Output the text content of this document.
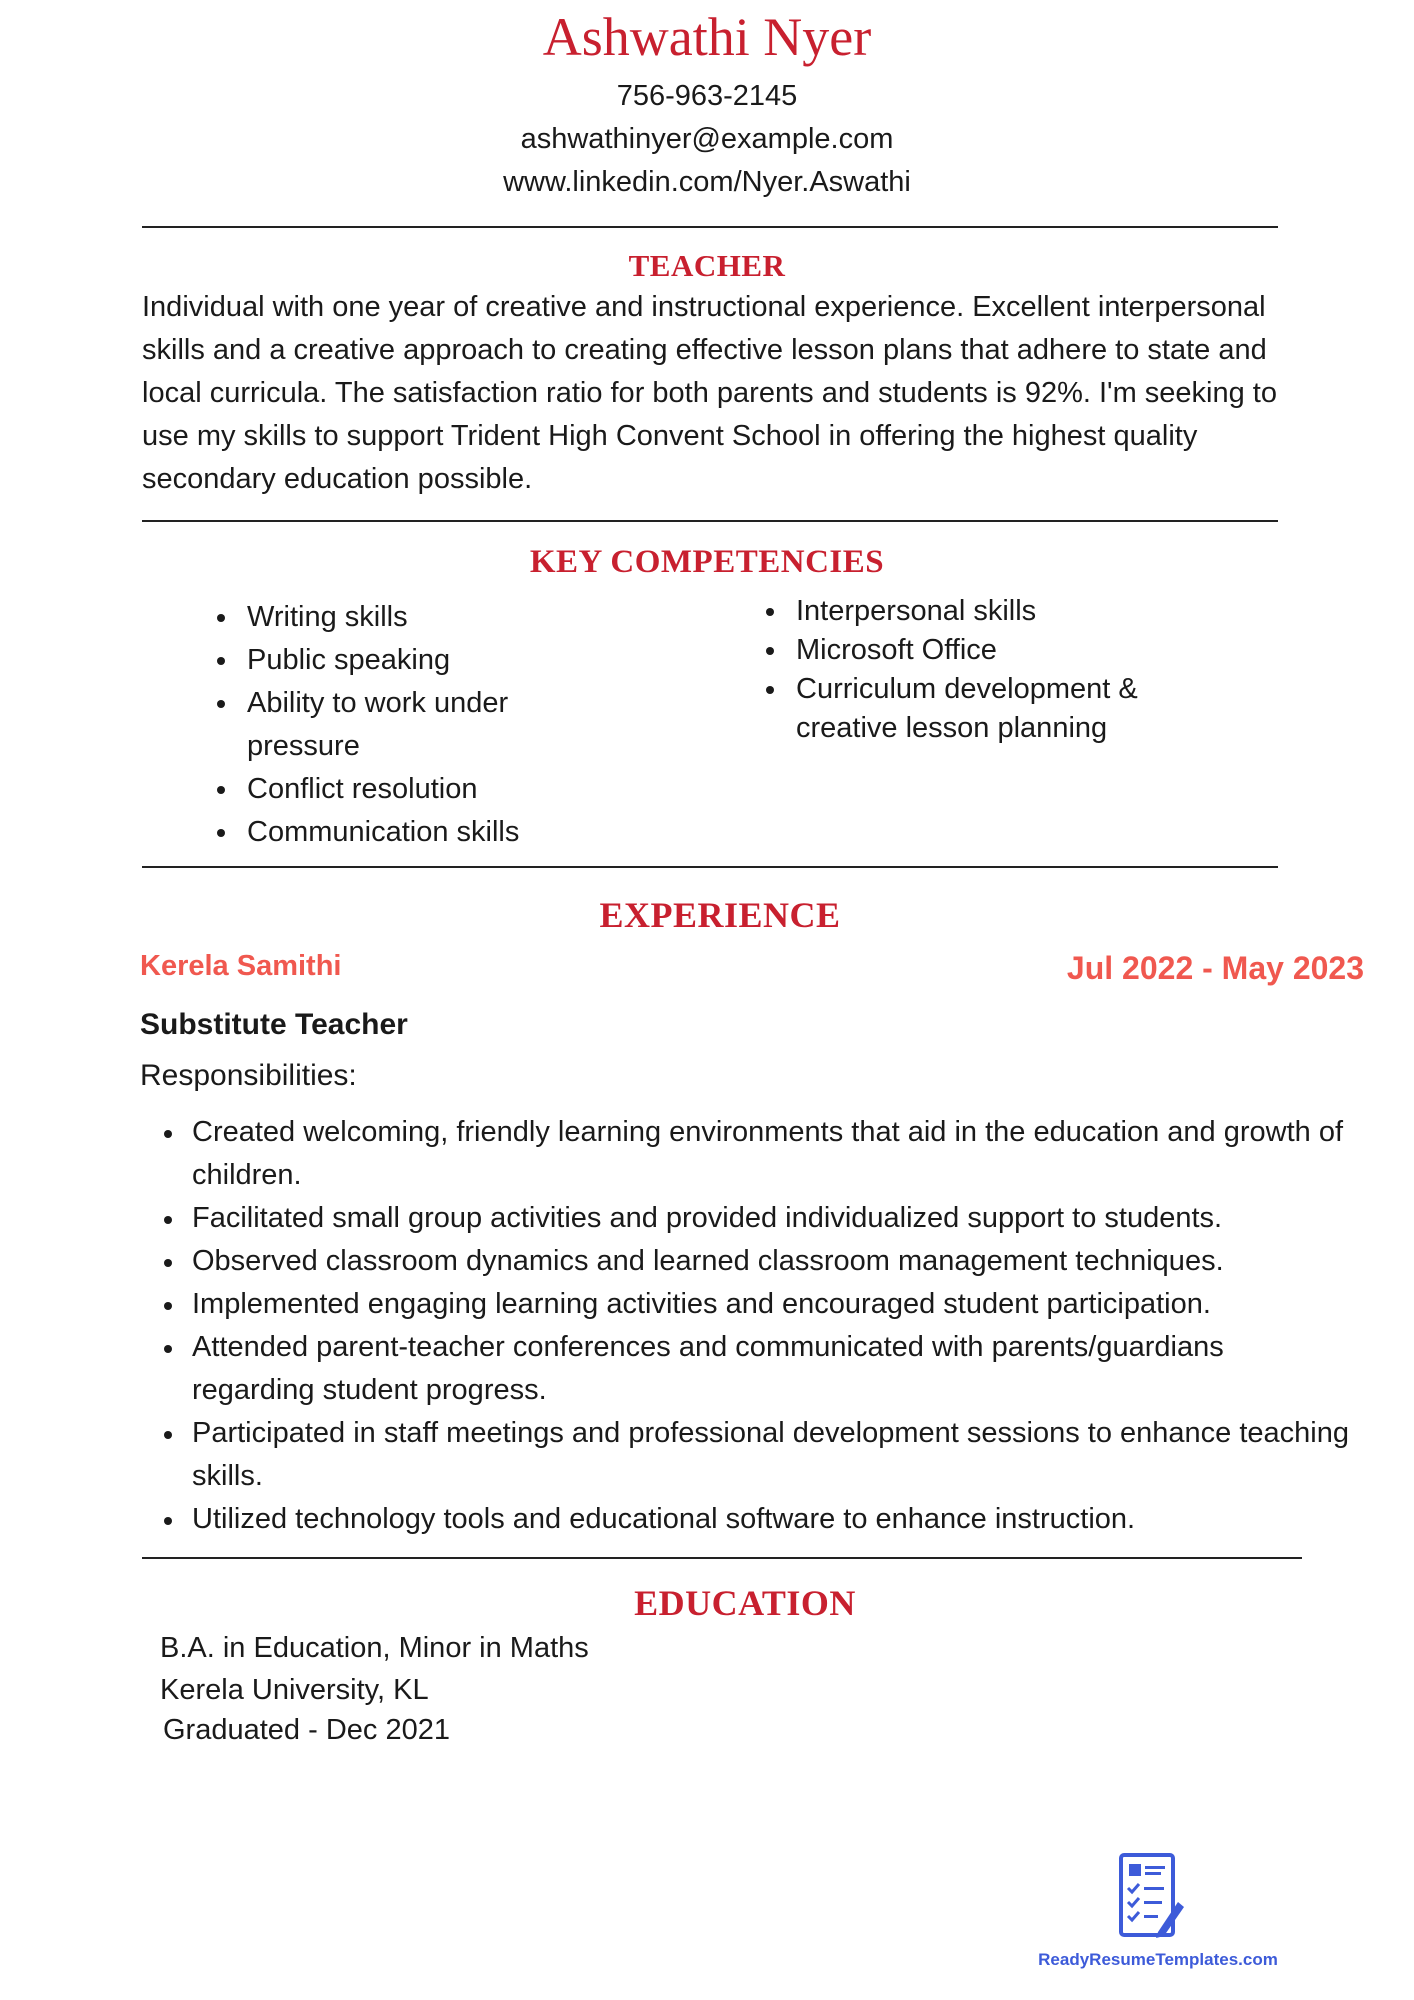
Ashwathi Nyer
756-963-2145
ashwathinyer@example.com
www.linkedin.com/Nyer.Aswathi
TEACHER
Individual with one year of creative and instructional experience. Excellent interpersonal skills and a creative approach to creating effective lesson plans that adhere to state and local curricula. The satisfaction ratio for both parents and students is 92%. I'm seeking to use my skills to support Trident High Convent School in offering the highest quality secondary education possible.
KEY COMPETENCIES
Writing skills
Public speaking
Ability to work under pressure
Conflict resolution
Communication skills
Interpersonal skills
Microsoft Office
Curriculum development & creative lesson planning
EXPERIENCE
Kerela Samithi	Jul 2022 - May 2023
Substitute Teacher
Responsibilities:
Created welcoming, friendly learning environments that aid in the education and growth of children.
Facilitated small group activities and provided individualized support to students.
Observed classroom dynamics and learned classroom management techniques.
Implemented engaging learning activities and encouraged student participation.
Attended parent-teacher conferences and communicated with parents/guardians regarding student progress.
Participated in staff meetings and professional development sessions to enhance teaching skills.
Utilized technology tools and educational software to enhance instruction.
EDUCATION
B.A. in Education, Minor in Maths
Kerela University, KL
Graduated - Dec 2021
ReadyResumeTemplates.com
